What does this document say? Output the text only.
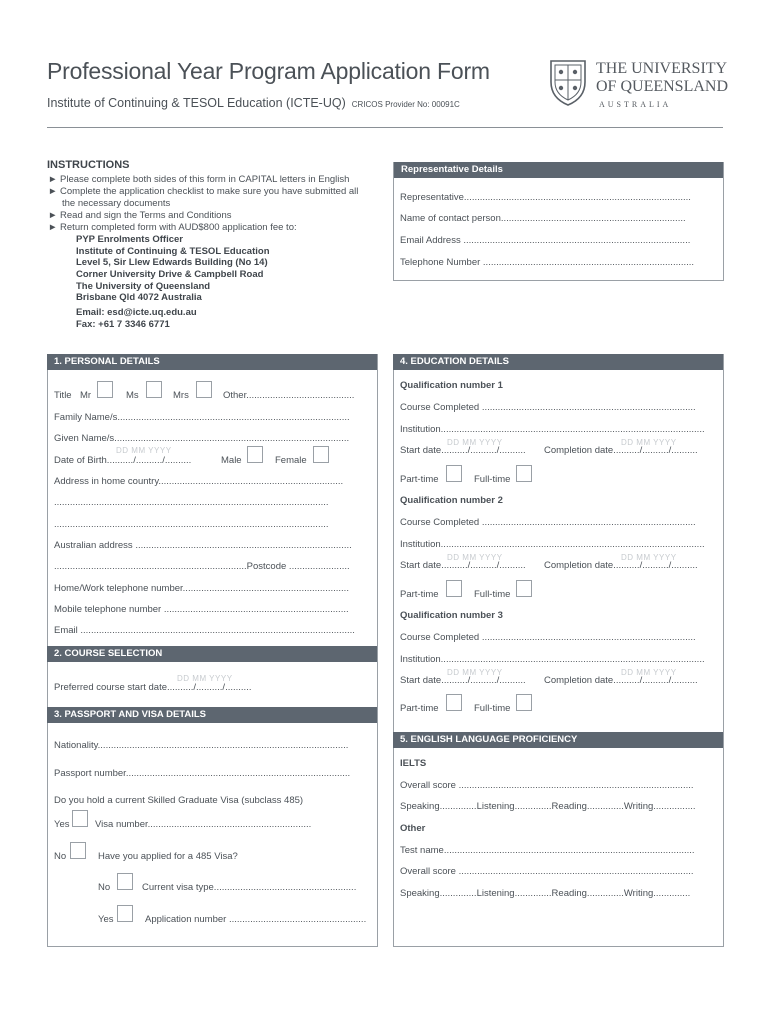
Professional Year Program Application Form
Institute of Continuing & TESOL Education (ICTE-UQ) CRICOS Provider No: 00091C
THE UNIVERSITY
OF QUEENSLAND
AUSTRALIA
INSTRUCTIONS
► Please complete both sides of this form in CAPITAL letters in English
► Complete the application checklist to make sure you have submitted all
the necessary documents
► Read and sign the Terms and Conditions
► Return completed form with AUD$800 application fee to:
PYP Enrolments Officer
Institute of Continuing & TESOL Education
Level 5, Sir Llew Edwards Building (No 14)
Corner University Drive & Campbell Road
The University of Queensland
Brisbane Qld 4072 Australia
Email: esd@icte.uq.edu.au
Fax: +61 7 3346 6771
Representative Details
Representative......................................................................................
Name of contact person......................................................................
Email Address ......................................................................................
Telephone Number ................................................................................
1. PERSONAL DETAILS
Title Mr	Ms	Mrs	Other.........................................
Family Name/s........................................................................................
Given Name/s.........................................................................................
DD MM YYYY
Date of Birth........../........../..........	Male	Female
Address in home country......................................................................
........................................................................................................
........................................................................................................
Australian address ..................................................................................
.........................................................................Postcode .......................
Home/Work telephone number...............................................................
Mobile telephone number ......................................................................
Email ........................................................................................................
2. COURSE SELECTION
DD MM YYYY
Preferred course start date........../........../..........
3. PASSPORT AND VISA DETAILS
Nationality...............................................................................................
Passport number.....................................................................................
Do you hold a current Skilled Graduate Visa (subclass 485)
Yes	Visa number..............................................................
No	Have you applied for a 485 Visa?
No	Current visa type......................................................
Yes	Application number ....................................................
4. EDUCATION DETAILS
Qualification number 1
Course Completed .................................................................................
Institution....................................................................................................
DD MM YYYY
Start date........../........../..........
DD MM YYYY
Completion date........../........../..........
Part-time	Full-time
Qualification number 2
Course Completed .................................................................................
Institution....................................................................................................
DD MM YYYY
Start date........../........../..........
DD MM YYYY
Completion date........../........../..........
Part-time	Full-time
Qualification number 3
Course Completed .................................................................................
Institution....................................................................................................
DD MM YYYY
Start date........../........../..........
DD MM YYYY
Completion date........../........../..........
Part-time	Full-time
5. ENGLISH LANGUAGE PROFICIENCY
IELTS
Overall score .........................................................................................
Speaking..............Listening..............Reading..............Writing................
Other
Test name...............................................................................................
Overall score .........................................................................................
Speaking..............Listening..............Reading..............Writing..............
